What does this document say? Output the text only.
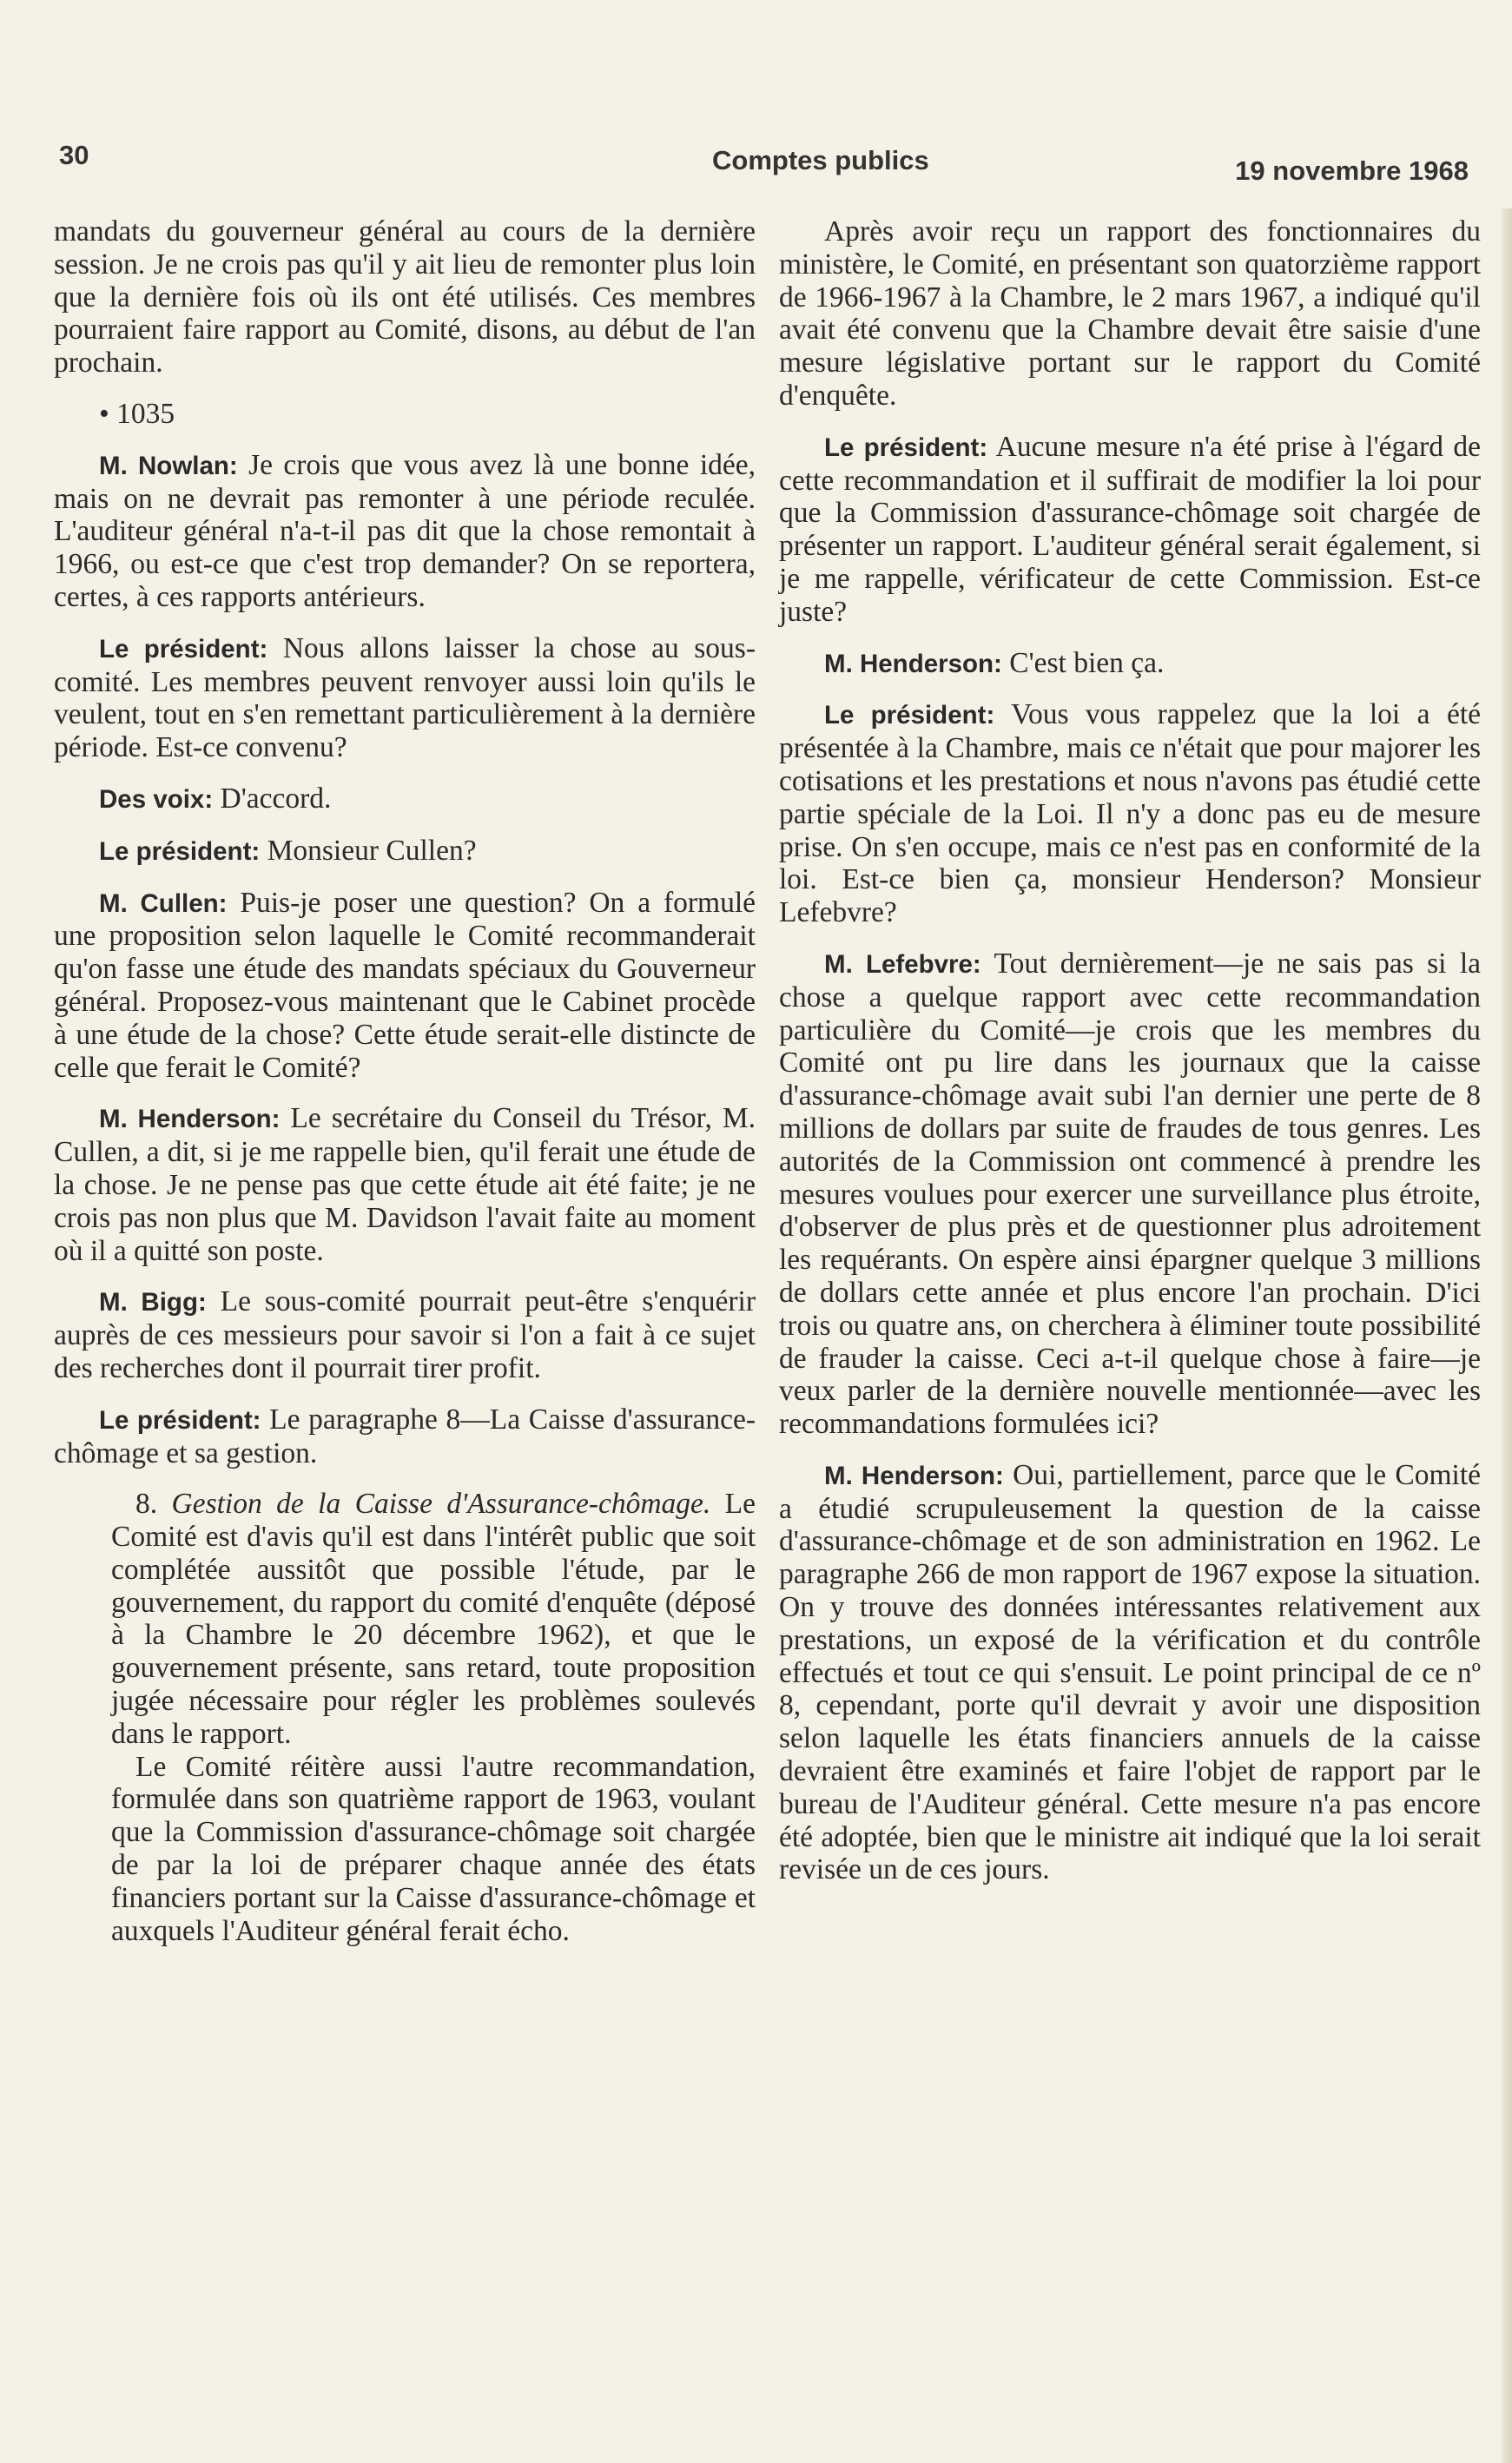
30	Comptes publics	19 novembre 1968

mandats du gouverneur général au cours de la dernière session. Je ne crois pas qu'il y ait lieu de remonter plus loin que la dernière fois où ils ont été utilisés. Ces membres pourraient faire rapport au Comité, disons, au début de l'an prochain.

• 1035

M. Nowlan: Je crois que vous avez là une bonne idée, mais on ne devrait pas remonter à une période reculée. L'auditeur général n'a-t-il pas dit que la chose remontait à 1966, ou est-ce que c'est trop demander? On se reportera, certes, à ces rapports antérieurs.

Le président: Nous allons laisser la chose au sous-comité. Les membres peuvent renvoyer aussi loin qu'ils le veulent, tout en s'en remettant particulièrement à la dernière période. Est-ce convenu?

Des voix: D'accord.

Le président: Monsieur Cullen?

M. Cullen: Puis-je poser une question? On a formulé une proposition selon laquelle le Comité recommanderait qu'on fasse une étude des mandats spéciaux du Gouverneur général. Proposez-vous maintenant que le Cabinet procède à une étude de la chose? Cette étude serait-elle distincte de celle que ferait le Comité?

M. Henderson: Le secrétaire du Conseil du Trésor, M. Cullen, a dit, si je me rappelle bien, qu'il ferait une étude de la chose. Je ne pense pas que cette étude ait été faite; je ne crois pas non plus que M. Davidson l'avait faite au moment où il a quitté son poste.

M. Bigg: Le sous-comité pourrait peut-être s'enquérir auprès de ces messieurs pour savoir si l'on a fait à ce sujet des recherches dont il pourrait tirer profit.

Le président: Le paragraphe 8—La Caisse d'assurance-chômage et sa gestion.

8. Gestion de la Caisse d'Assurance-chômage. Le Comité est d'avis qu'il est dans l'intérêt public que soit complétée aussitôt que possible l'étude, par le gouvernement, du rapport du comité d'enquête (déposé à la Chambre le 20 décembre 1962), et que le gouvernement présente, sans retard, toute proposition jugée nécessaire pour régler les problèmes soulevés dans le rapport.

Le Comité réitère aussi l'autre recommandation, formulée dans son quatrième rapport de 1963, voulant que la Commission d'assurance-chômage soit chargée de par la loi de préparer chaque année des états financiers portant sur la Caisse d'assurance-chômage et auxquels l'Auditeur général ferait écho.

Après avoir reçu un rapport des fonctionnaires du ministère, le Comité, en présentant son quatorzième rapport de 1966-1967 à la Chambre, le 2 mars 1967, a indiqué qu'il avait été convenu que la Chambre devait être saisie d'une mesure législative portant sur le rapport du Comité d'enquête.

Le président: Aucune mesure n'a été prise à l'égard de cette recommandation et il suffirait de modifier la loi pour que la Commission d'assurance-chômage soit chargée de présenter un rapport. L'auditeur général serait également, si je me rappelle, vérificateur de cette Commission. Est-ce juste?

M. Henderson: C'est bien ça.

Le président: Vous vous rappelez que la loi a été présentée à la Chambre, mais ce n'était que pour majorer les cotisations et les prestations et nous n'avons pas étudié cette partie spéciale de la Loi. Il n'y a donc pas eu de mesure prise. On s'en occupe, mais ce n'est pas en conformité de la loi. Est-ce bien ça, monsieur Henderson? Monsieur Lefebvre?

M. Lefebvre: Tout dernièrement—je ne sais pas si la chose a quelque rapport avec cette recommandation particulière du Comité—je crois que les membres du Comité ont pu lire dans les journaux que la caisse d'assurance-chômage avait subi l'an dernier une perte de 8 millions de dollars par suite de fraudes de tous genres. Les autorités de la Commission ont commencé à prendre les mesures voulues pour exercer une surveillance plus étroite, d'observer de plus près et de questionner plus adroitement les requérants. On espère ainsi épargner quelque 3 millions de dollars cette année et plus encore l'an prochain. D'ici trois ou quatre ans, on cherchera à éliminer toute possibilité de frauder la caisse. Ceci a-t-il quelque chose à faire—je veux parler de la dernière nouvelle mentionnée—avec les recommandations formulées ici?

M. Henderson: Oui, partiellement, parce que le Comité a étudié scrupuleusement la question de la caisse d'assurance-chômage et de son administration en 1962. Le paragraphe 266 de mon rapport de 1967 expose la situation. On y trouve des données intéressantes relativement aux prestations, un exposé de la vérification et du contrôle effectués et tout ce qui s'ensuit. Le point principal de ce nº 8, cependant, porte qu'il devrait y avoir une disposition selon laquelle les états financiers annuels de la caisse devraient être examinés et faire l'objet de rapport par le bureau de l'Auditeur général. Cette mesure n'a pas encore été adoptée, bien que le ministre ait indiqué que la loi serait revisée un de ces jours.
